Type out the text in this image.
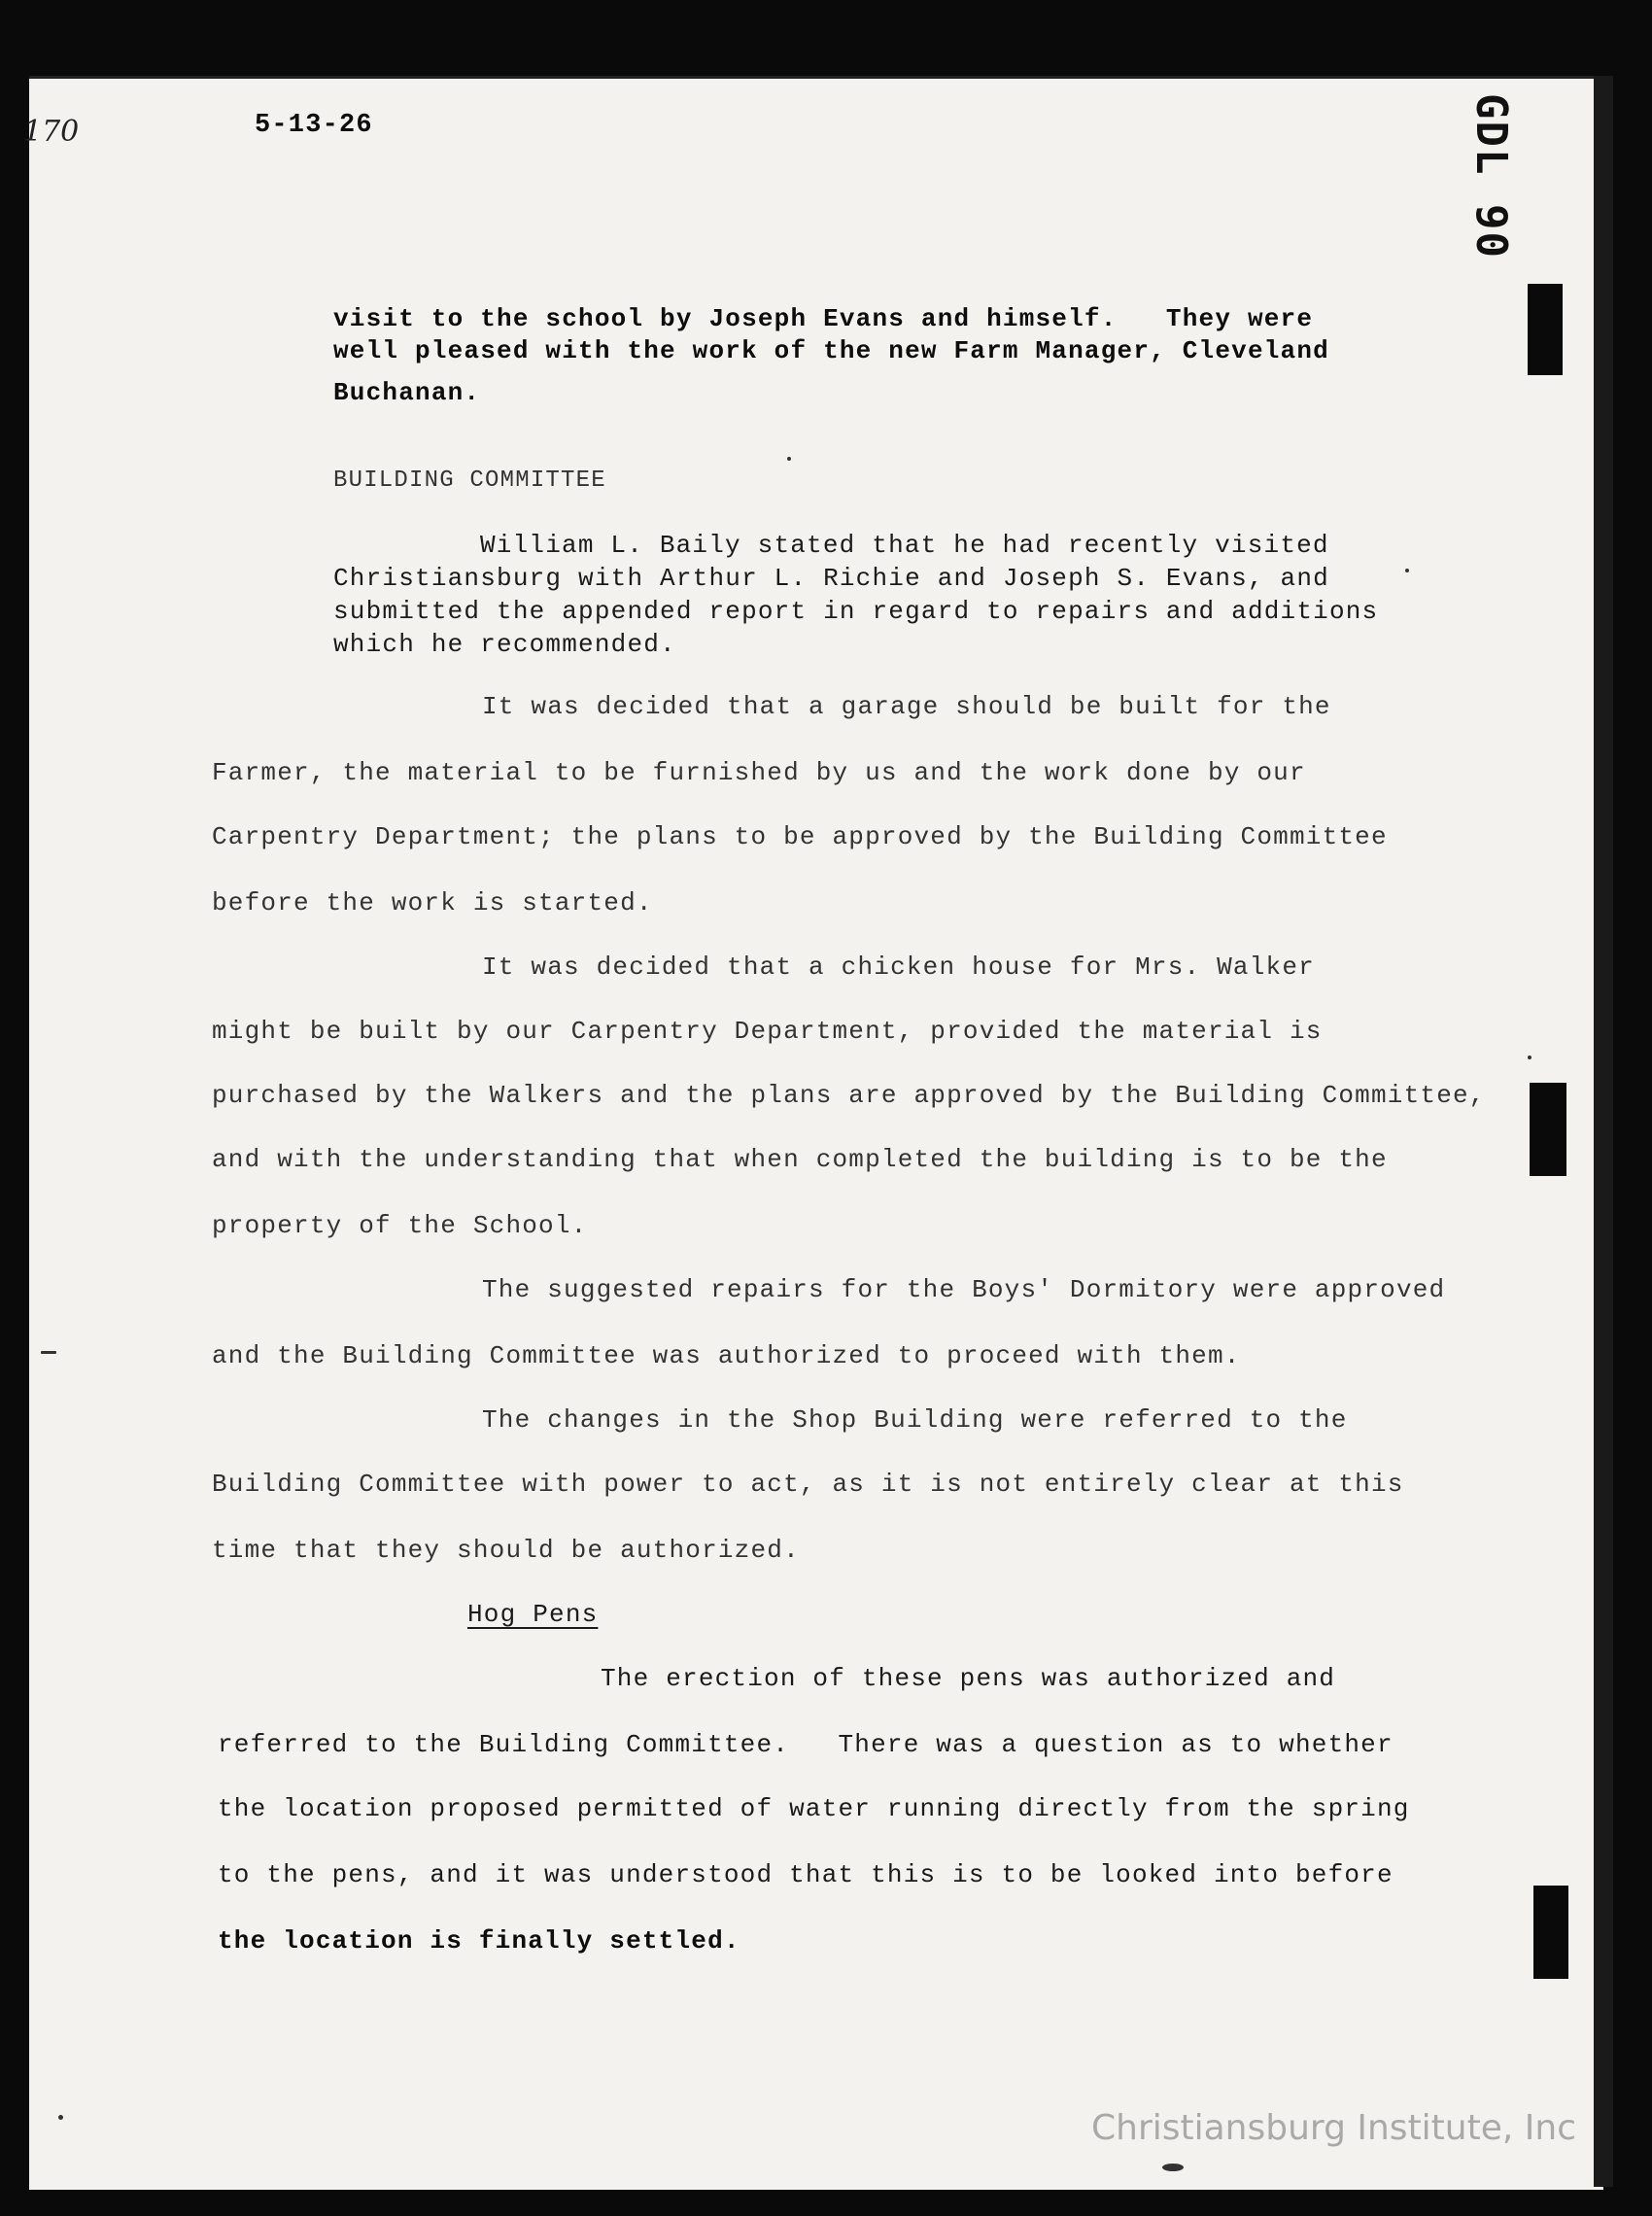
GDL 90
170	5-13-26
visit to the school by Joseph Evans and himself.   They were
well pleased with the work of the new Farm Manager, Cleveland
Buchanan.
BUILDING COMMITTEE
William L. Baily stated that he had recently visited
Christiansburg with Arthur L. Richie and Joseph S. Evans, and
submitted the appended report in regard to repairs and additions
which he recommended.
It was decided that a garage should be built for the
Farmer, the material to be furnished by us and the work done by our
Carpentry Department; the plans to be approved by the Building Committee
before the work is started.
It was decided that a chicken house for Mrs. Walker
might be built by our Carpentry Department, provided the material is
purchased by the Walkers and the plans are approved by the Building Committee,
and with the understanding that when completed the building is to be the
property of the School.
The suggested repairs for the Boys' Dormitory were approved
and the Building Committee was authorized to proceed with them.
The changes in the Shop Building were referred to the
Building Committee with power to act, as it is not entirely clear at this
time that they should be authorized.
Hog Pens
The erection of these pens was authorized and
referred to the Building Committee.   There was a question as to whether
the location proposed permitted of water running directly from the spring
to the pens, and it was understood that this is to be looked into before
the location is finally settled.
Christiansburg Institute, Inc
